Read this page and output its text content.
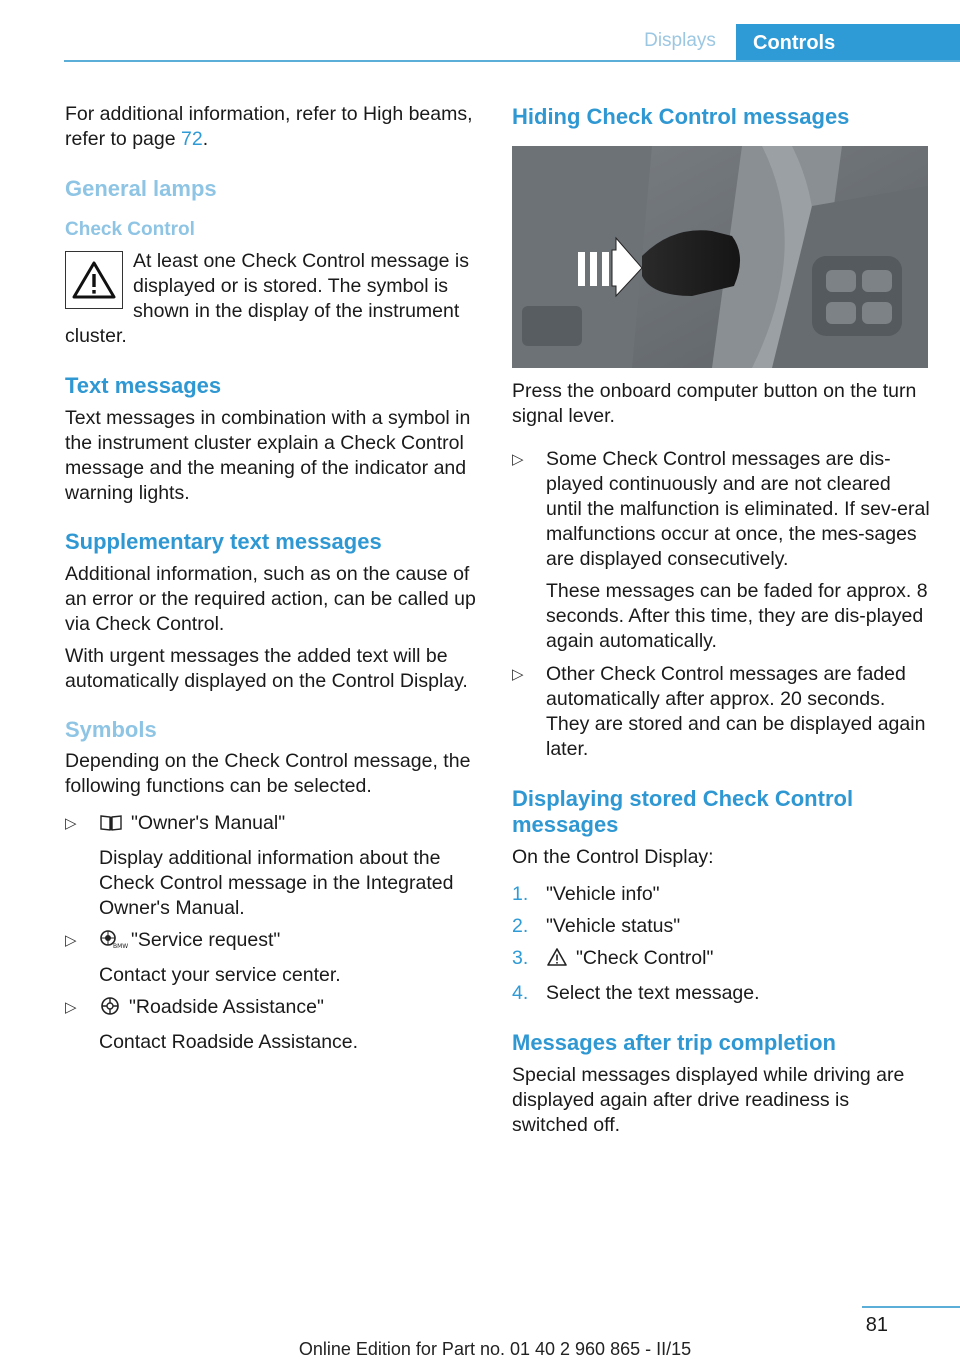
Displays	Controls

For additional information, refer to High beams, refer to page 72.

General lamps
Check Control

At least one Check Control message is displayed or is stored. The symbol is shown in the display of the instrument cluster.

Text messages

Text messages in combination with a symbol in the instrument cluster explain a Check Control message and the meaning of the indicator and warning lights.

Supplementary text messages

Additional information, such as on the cause of an error or the required action, can be called up via Check Control.

With urgent messages the added text will be automatically displayed on the Control Display.

Symbols

Depending on the Check Control message, the following functions can be selected.

▷	"Owner's Manual"

Display additional information about the Check Control message in the Integrated Owner's Manual.

▷	BMW "Service request"

Contact your service center.

▷	"Roadside Assistance"

Contact Roadside Assistance.

Hiding Check Control messages

Press the onboard computer button on the turn signal lever.

▷ Some Check Control messages are dis-played continuously and are not cleared until the malfunction is eliminated. If sev-eral malfunctions occur at once, the mes-sages are displayed consecutively.

These messages can be faded for approx. 8 seconds. After this time, they are dis-played again automatically.

▷ Other Check Control messages are faded automatically after approx. 20 seconds. They are stored and can be displayed again later.

Displaying stored Check Control messages

On the Control Display:

1. "Vehicle info"

2. "Vehicle status"

3.	"Check Control"

4. Select the text message.

Messages after trip completion

Special messages displayed while driving are displayed again after drive readiness is switched off.

81
Online Edition for Part no. 01 40 2 960 865 - II/15
